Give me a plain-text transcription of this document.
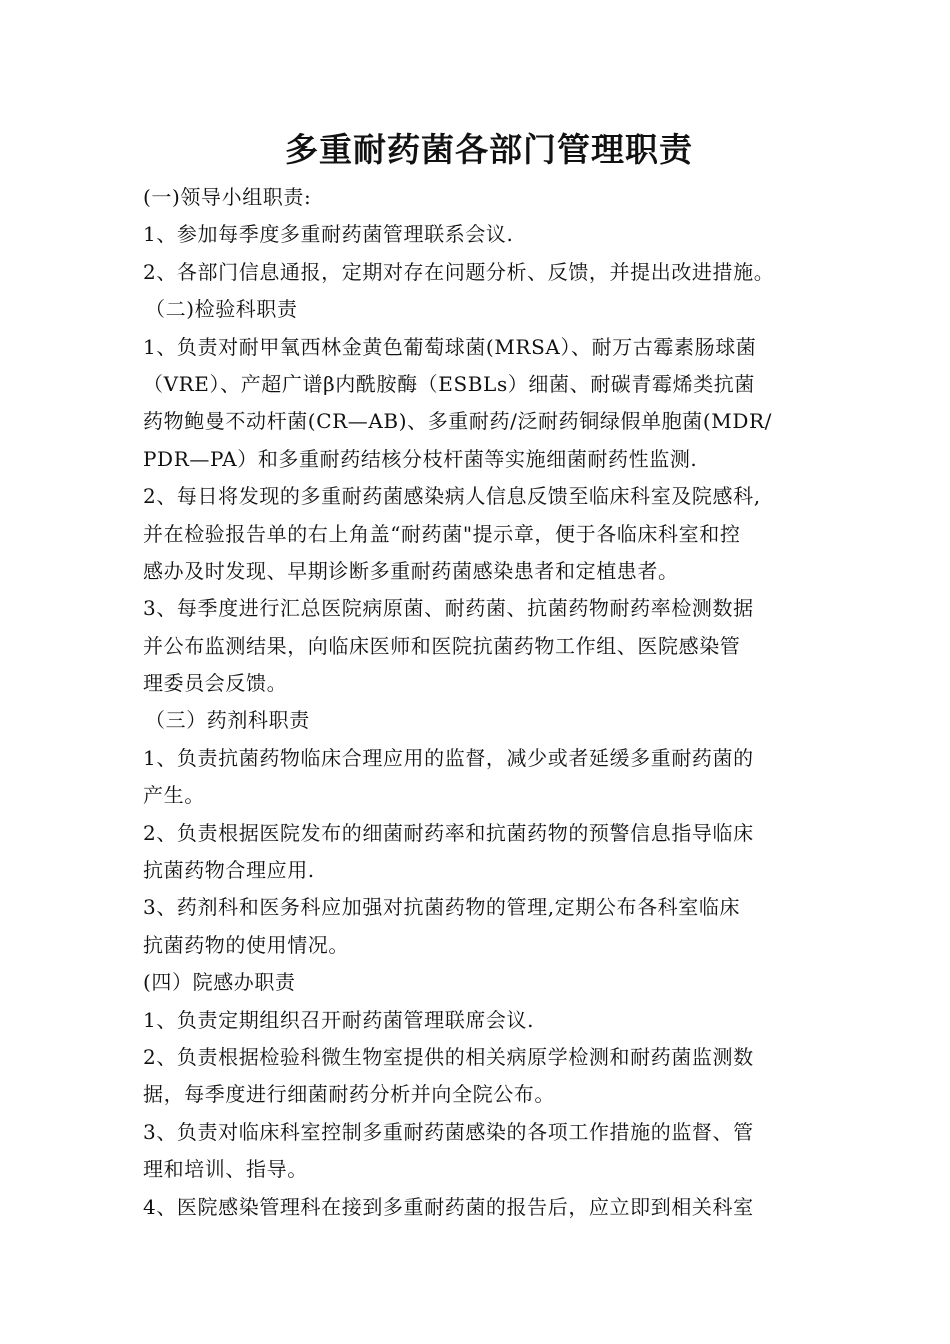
多重耐药菌各部门管理职责
(一)领导小组职责:
1、参加每季度多重耐药菌管理联系会议.
2、各部门信息通报，定期对存在问题分析、反馈，并提出改进措施。
（二)检验科职责
1、负责对耐甲氧西林金黄色葡萄球菌(MRSA）、耐万古霉素肠球菌
（VRE）、产超广谱β内酰胺酶（ESBLs）细菌、耐碳青霉烯类抗菌
药物鲍曼不动杆菌(CR—AB)、多重耐药/泛耐药铜绿假单胞菌(MDR/
PDR—PA）和多重耐药结核分枝杆菌等实施细菌耐药性监测.
2、每日将发现的多重耐药菌感染病人信息反馈至临床科室及院感科,
并在检验报告单的右上角盖“耐药菌"提示章，便于各临床科室和控
感办及时发现、早期诊断多重耐药菌感染患者和定植患者。
3、每季度进行汇总医院病原菌、耐药菌、抗菌药物耐药率检测数据
并公布监测结果，向临床医师和医院抗菌药物工作组、医院感染管
理委员会反馈。
（三）药剂科职责
1、负责抗菌药物临床合理应用的监督，减少或者延缓多重耐药菌的
产生。
2、负责根据医院发布的细菌耐药率和抗菌药物的预警信息指导临床
抗菌药物合理应用.
3、药剂科和医务科应加强对抗菌药物的管理,定期公布各科室临床
抗菌药物的使用情况。
(四）院感办职责
1、负责定期组织召开耐药菌管理联席会议.
2、负责根据检验科微生物室提供的相关病原学检测和耐药菌监测数
据，每季度进行细菌耐药分析并向全院公布。
3、负责对临床科室控制多重耐药菌感染的各项工作措施的监督、管
理和培训、指导。
4、医院感染管理科在接到多重耐药菌的报告后，应立即到相关科室
